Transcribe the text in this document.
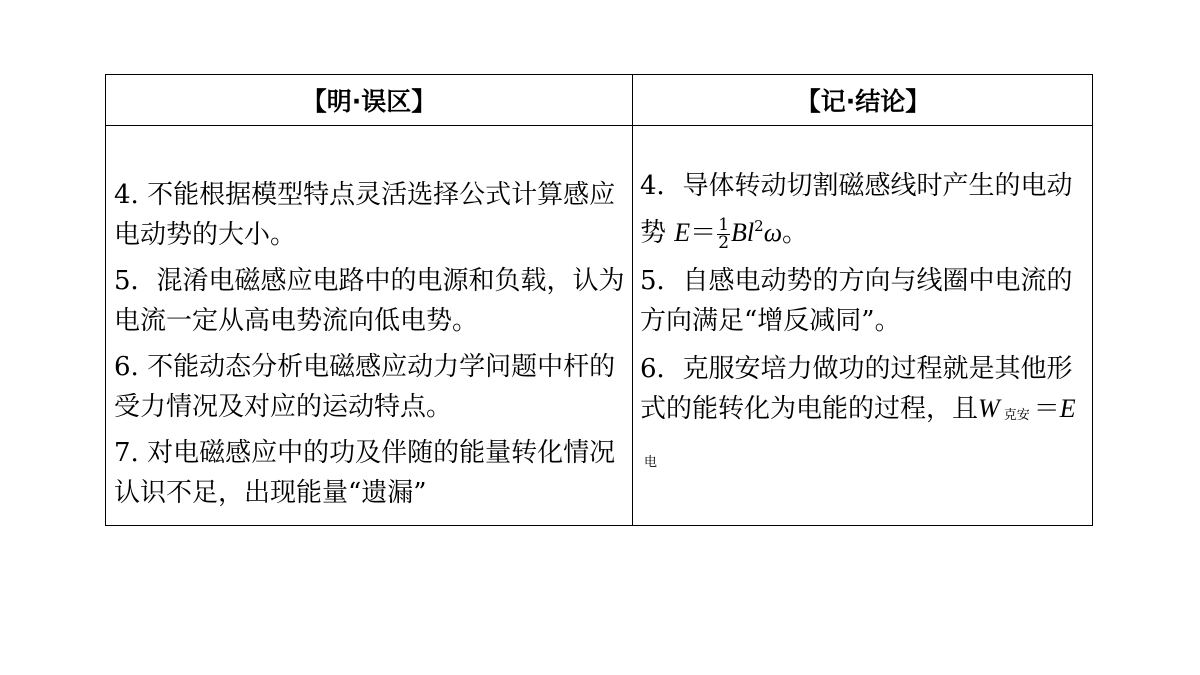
【明·误区】	【记·结论】

4. 不能根据模型特点灵活选择公式计算感应电动势的大小。

5．混淆电磁感应电路中的电源和负载，认为电流一定从高电势流向低电势。

6. 不能动态分析电磁感应动力学问题中杆的受力情况及对应的运动特点。

7. 对电磁感应中的功及伴随的能量转化情况认识不足，出现能量“遗漏”

4．导体转动切割磁感线时产生的电动势 $E= \frac{1}{2} Bl^2\omega$。

5．自感电动势的方向与线圈中电流的方向满足“增反减同”。

6．克服安培力做功的过程就是其他形式的能转化为电能的过程，且W 克安 ＝E电
